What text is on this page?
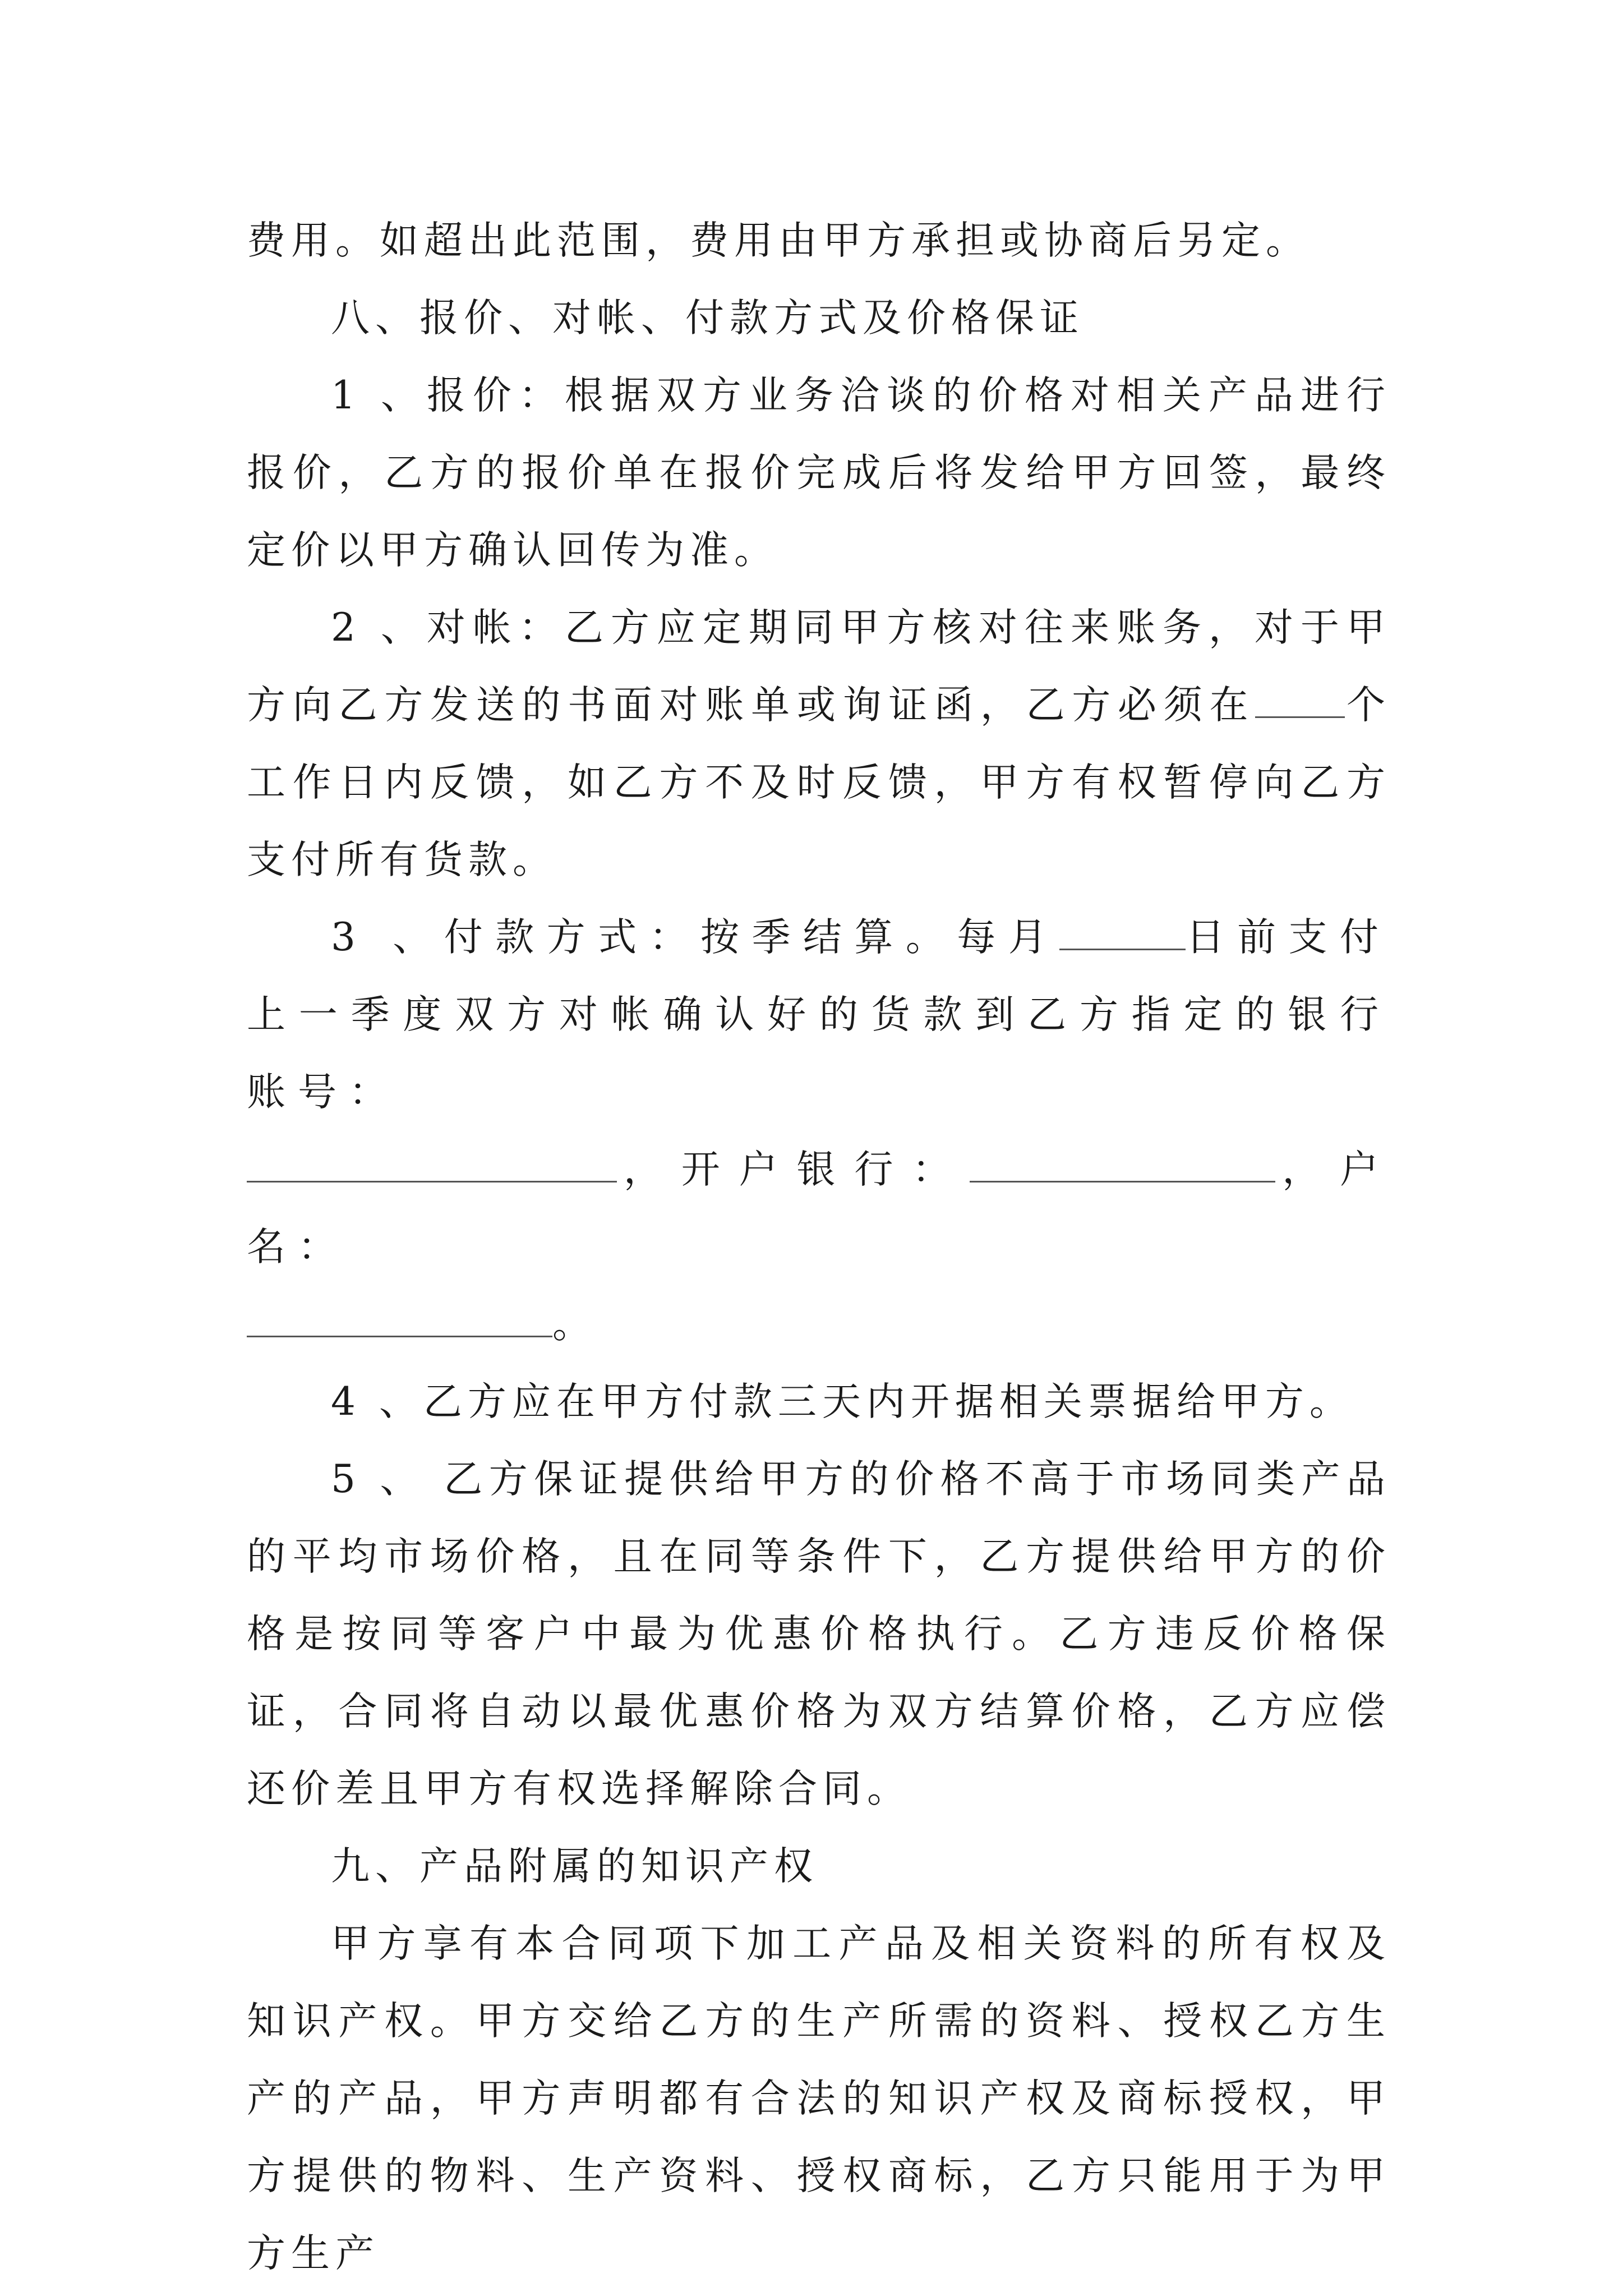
费用。如超出此范围，费用由甲方承担或协商后另定。

八、报价、对帐、付款方式及价格保证

1 、报价：根据双方业务洽谈的价格对相关产品进行报价，乙方的报价单在报价完成后将发给甲方回签，最终定价以甲方确认回传为准。

2 、对帐：乙方应定期同甲方核对往来账务，对于甲方向乙方发送的书面对账单或询证函，乙方必须在 个工作日内反馈，如乙方不及时反馈，甲方有权暂停向乙方支付所有货款。

3 、付款方式：按季结算。每月	日前支付上一季度双方对帐确认好的货款到乙方指定的银行账号：
，开户银行：	，户名：
。

4 、乙方应在甲方付款三天内开据相关票据给甲方。

5 、 乙方保证提供给甲方的价格不高于市场同类产品的平均市场价格，且在同等条件下，乙方提供给甲方的价格是按同等客户中最为优惠价格执行。乙方违反价格保证，合同将自动以最优惠价格为双方结算价格，乙方应偿还价差且甲方有权选择解除合同。

九、产品附属的知识产权

甲方享有本合同项下加工产品及相关资料的所有权及知识产权。甲方交给乙方的生产所需的资料、授权乙方生产的产品，甲方声明都有合法的知识产权及商标授权，甲方提供的物料、生产资料、授权商标，乙方只能用于为甲方生产
